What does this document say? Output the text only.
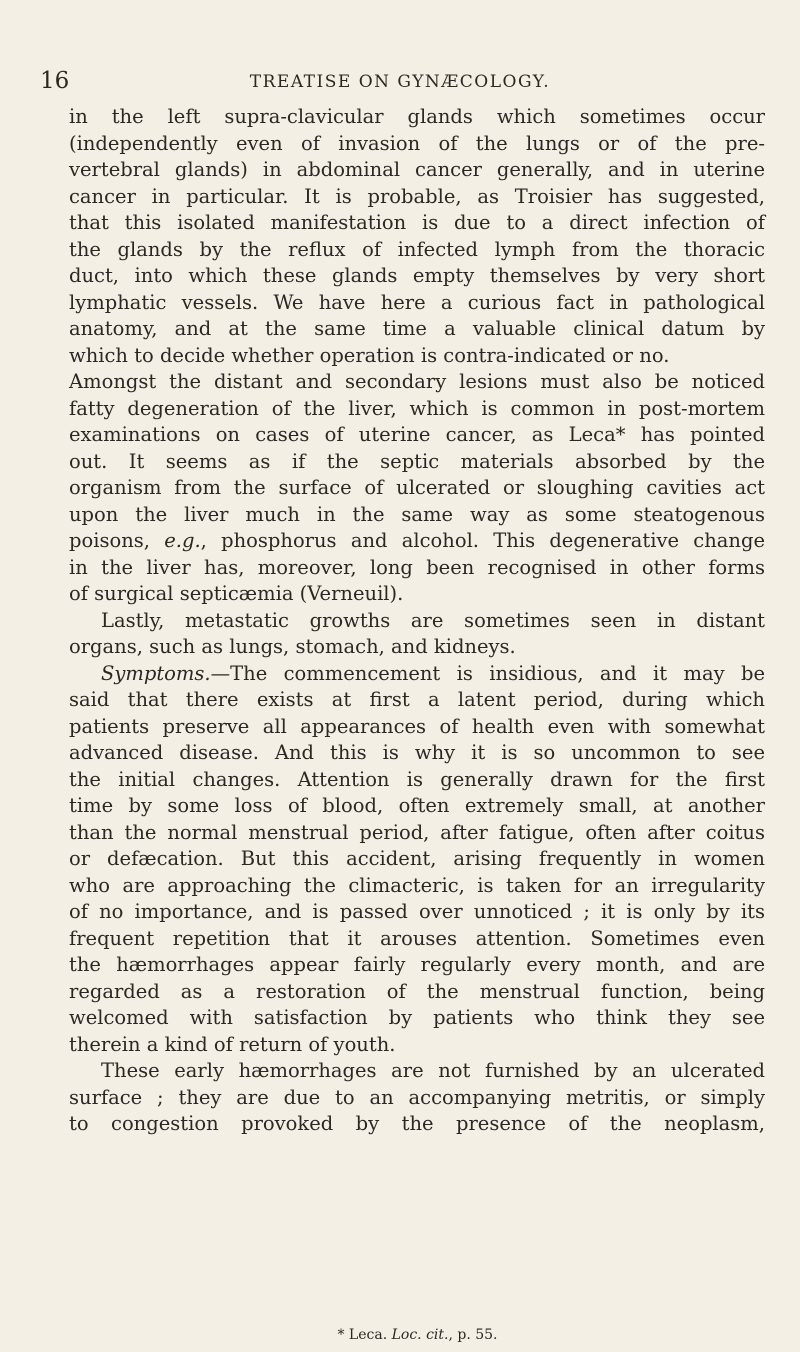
16	TREATISE ON GYNÆCOLOGY.
in the left supra-clavicular glands which sometimes occur
(independently even of invasion of the lungs or of the pre-
vertebral glands) in abdominal cancer generally, and in uterine
cancer in particular. It is probable, as Troisier has suggested,
that this isolated manifestation is due to a direct infection of
the glands by the reflux of infected lymph from the thoracic
duct, into which these glands empty themselves by very short
lymphatic vessels. We have here a curious fact in pathological
anatomy, and at the same time a valuable clinical datum by
which to decide whether operation is contra-indicated or no.
Amongst the distant and secondary lesions must also be noticed
fatty degeneration of the liver, which is common in post-mortem
examinations on cases of uterine cancer, as Leca* has pointed
out. It seems as if the septic materials absorbed by the
organism from the surface of ulcerated or sloughing cavities act
upon the liver much in the same way as some steatogenous
poisons, e.g., phosphorus and alcohol. This degenerative change
in the liver has, moreover, long been recognised in other forms
of surgical septicæmia (Verneuil).
Lastly, metastatic growths are sometimes seen in distant
organs, such as lungs, stomach, and kidneys.
Symptoms.—The commencement is insidious, and it may be
said that there exists at first a latent period, during which
patients preserve all appearances of health even with somewhat
advanced disease. And this is why it is so uncommon to see
the initial changes. Attention is generally drawn for the first
time by some loss of blood, often extremely small, at another
than the normal menstrual period, after fatigue, often after coitus
or defæcation. But this accident, arising frequently in women
who are approaching the climacteric, is taken for an irregularity
of no importance, and is passed over unnoticed ; it is only by its
frequent repetition that it arouses attention. Sometimes even
the hæmorrhages appear fairly regularly every month, and are
regarded as a restoration of the menstrual function, being
welcomed with satisfaction by patients who think they see
therein a kind of return of youth.
These early hæmorrhages are not furnished by an ulcerated
surface ; they are due to an accompanying metritis, or simply
to congestion provoked by the presence of the neoplasm,
* Leca. Loc. cit., p. 55.
